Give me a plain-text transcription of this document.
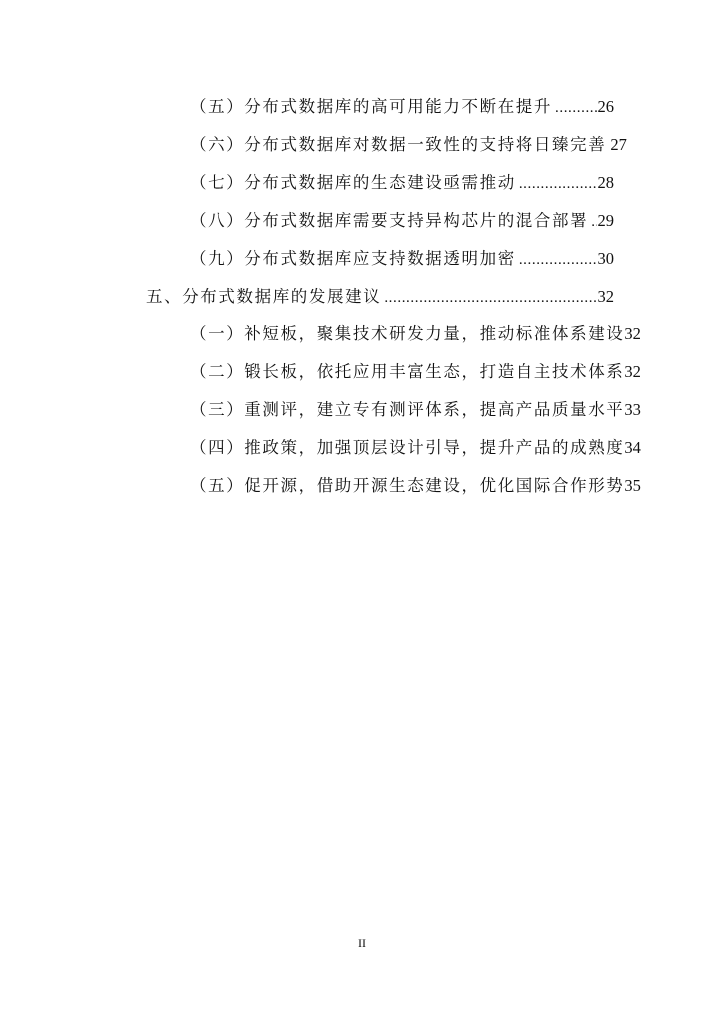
（五）分布式数据库的高可用能力不断在提升 .....	26
（六）分布式数据库对数据一致性的支持将日臻完善 27
（七）分布式数据库的生态建设亟需推动 .....	28
（八）分布式数据库需要支持异构芯片的混合部署 ..... 29
（九）分布式数据库应支持数据透明加密 .....	30
五、分布式数据库的发展建议 .....	32
（一）补短板，聚集技术研发力量，推动标准体系建设 32
（二）锻长板，依托应用丰富生态，打造自主技术体系 32
（三）重测评，建立专有测评体系，提高产品质量水平 33
（四）推政策，加强顶层设计引导，提升产品的成熟度 34
（五）促开源，借助开源生态建设，优化国际合作形势 35
II
